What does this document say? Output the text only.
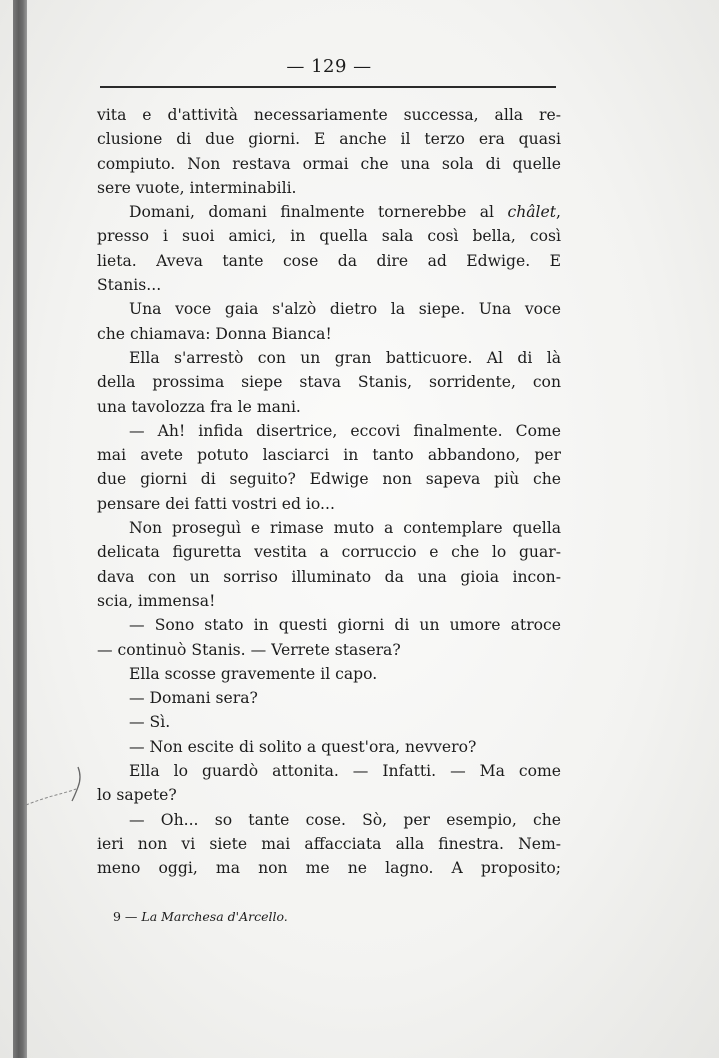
— 129 —
vita e d'attività necessariamente successa, alla re-
clusione di due giorni. E anche il terzo era quasi
compiuto. Non restava ormai che una sola di quelle
sere vuote, interminabili.
Domani, domani finalmente tornerebbe al châlet,
presso i suoi amici, in quella sala così bella, così
lieta. Aveva tante cose da dire ad Edwige. E
Stanis...
Una voce gaia s'alzò dietro la siepe. Una voce
che chiamava: Donna Bianca!
Ella s'arrestò con un gran batticuore. Al di là
della prossima siepe stava Stanis, sorridente, con
una tavolozza fra le mani.
— Ah! infida disertrice, eccovi finalmente. Come
mai avete potuto lasciarci in tanto abbandono, per
due giorni di seguito? Edwige non sapeva più che
pensare dei fatti vostri ed io...
Non proseguì e rimase muto a contemplare quella
delicata figuretta vestita a corruccio e che lo guar-
dava con un sorriso illuminato da una gioia incon-
scia, immensa!
— Sono stato in questi giorni di un umore atroce
— continuò Stanis. — Verrete stasera?
Ella scosse gravemente il capo.
— Domani sera?
— Sì.
— Non escite di solito a quest'ora, nevvero?
Ella lo guardò attonita. — Infatti. — Ma come
lo sapete?
— Oh... so tante cose. Sò, per esempio, che
ieri non vi siete mai affacciata alla finestra. Nem-
meno oggi, ma non me ne lagno. A proposito;
9 — La Marchesa d'Arcello.
